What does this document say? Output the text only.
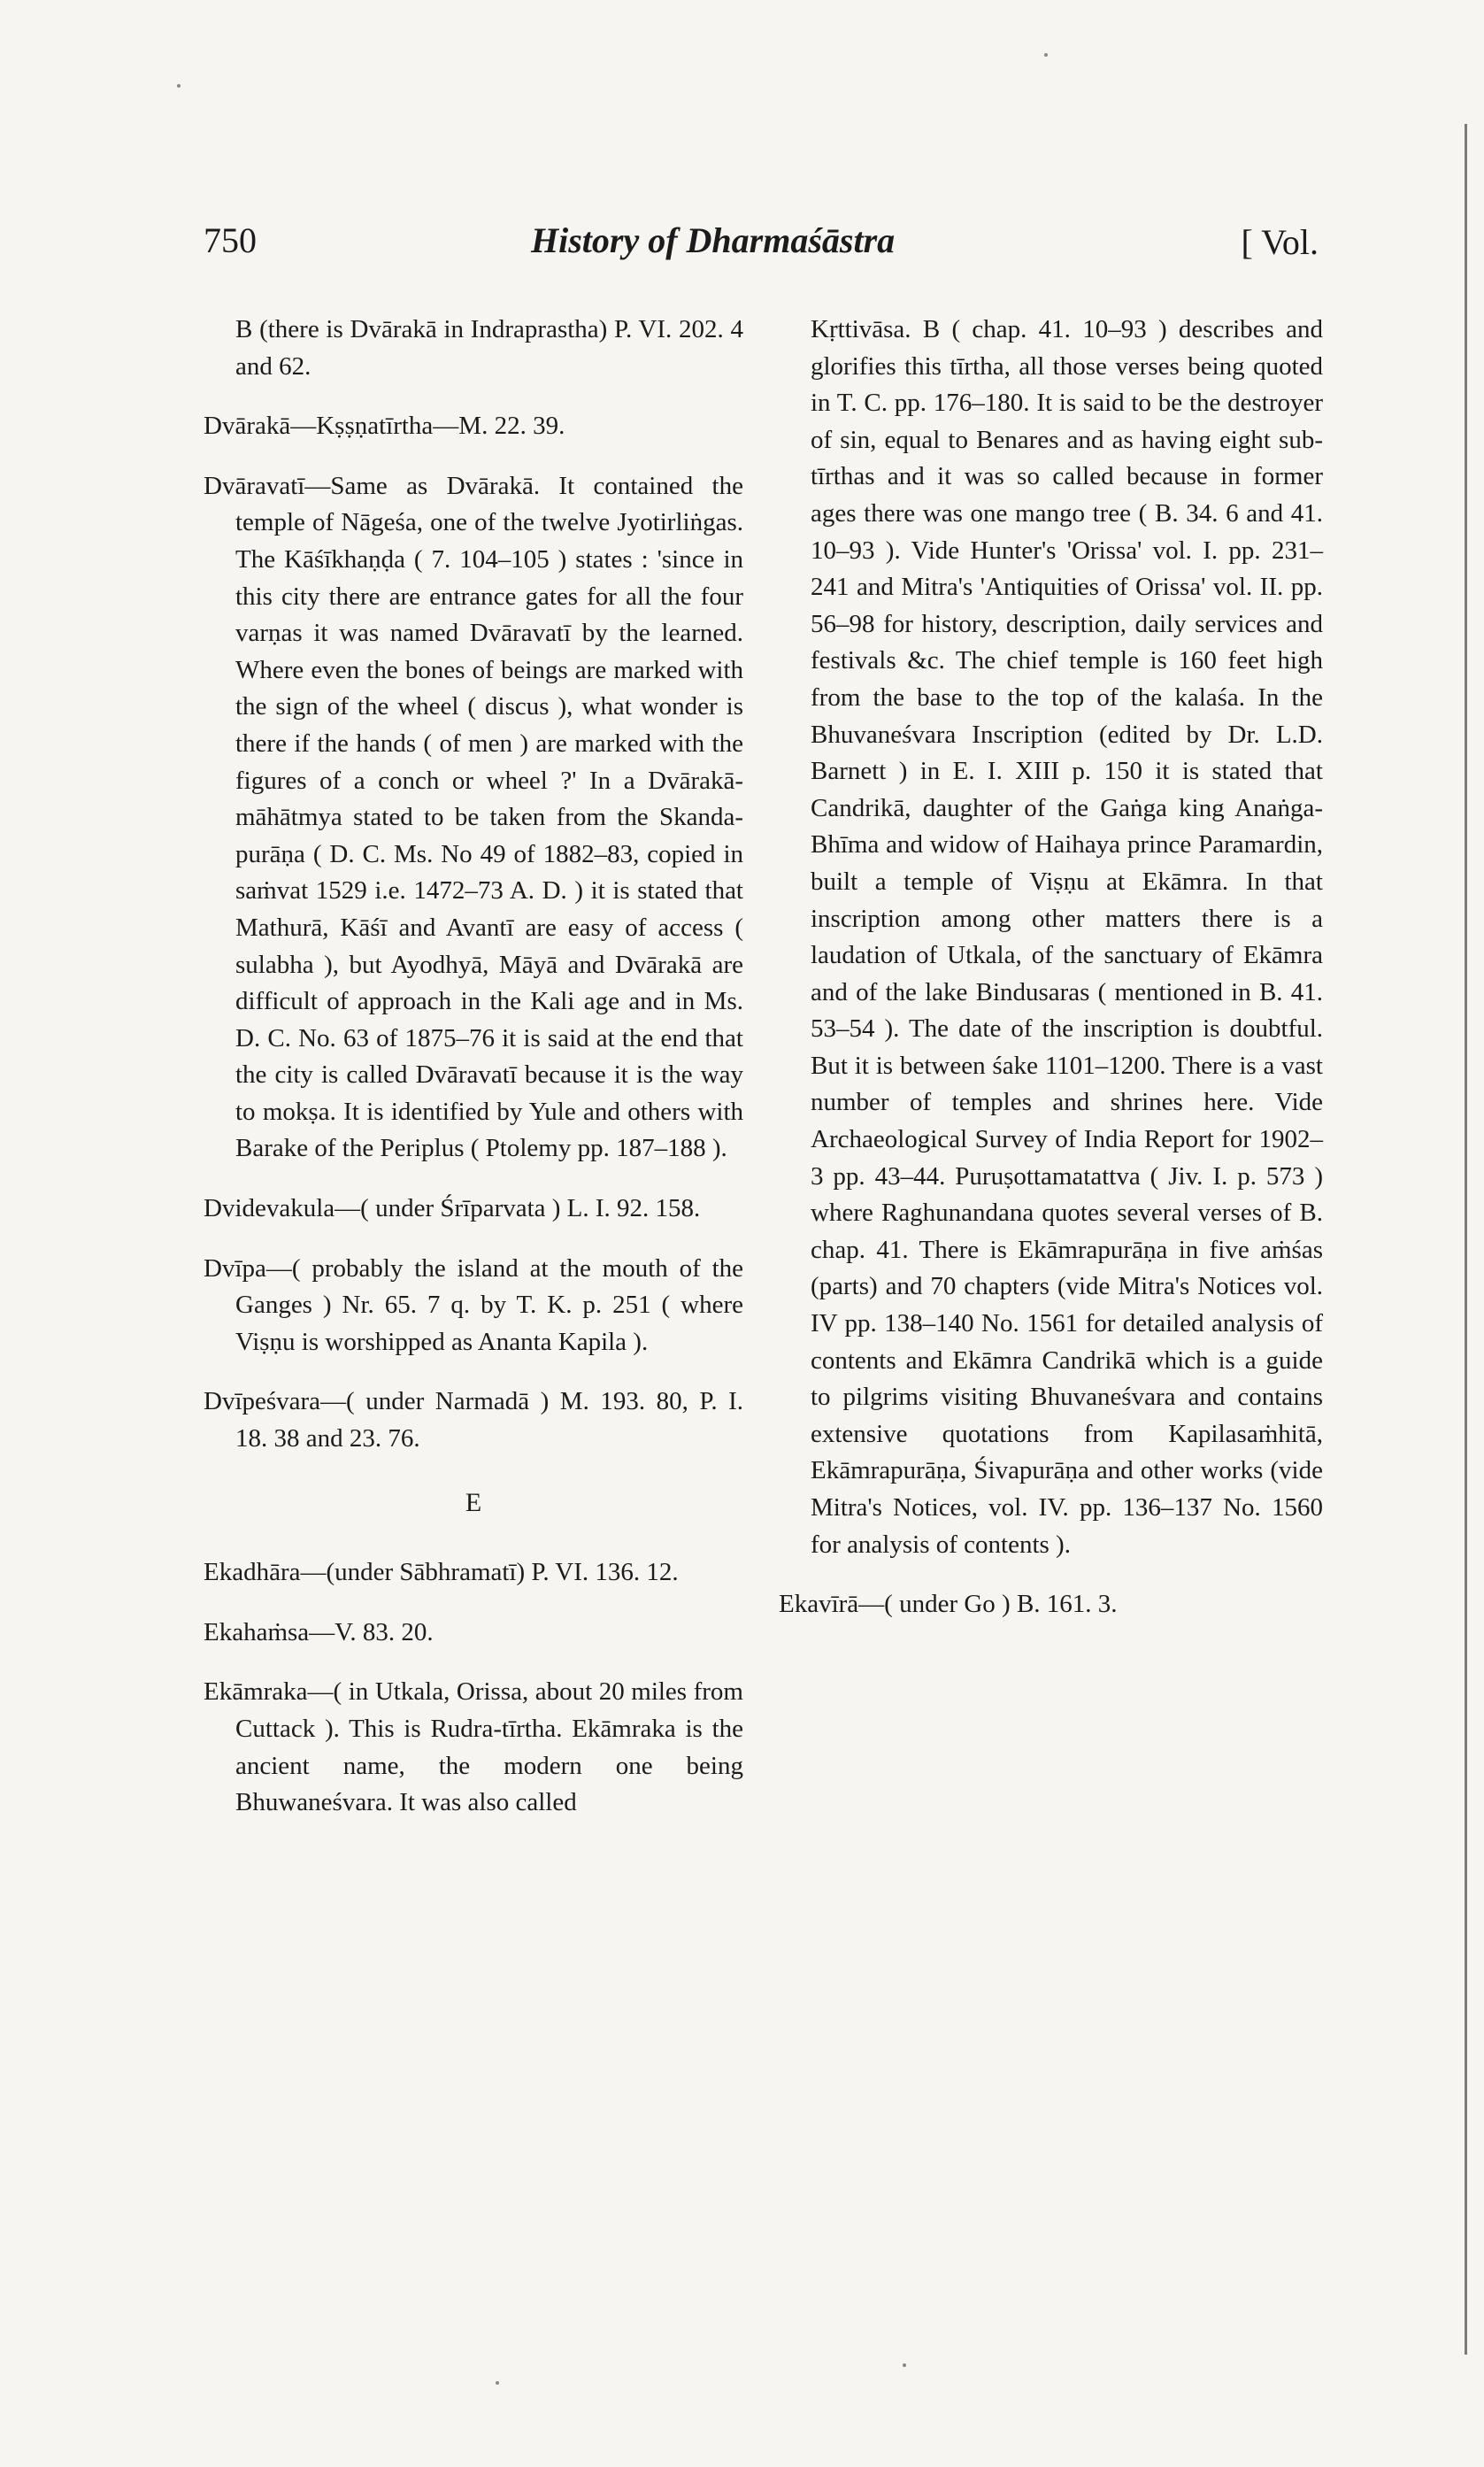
750	History of Dharmaśāstra	[ Vol.

B (there is Dvārakā in Indraprastha) P. VI. 202. 4 and 62.

Dvārakā—Kṣṣṇatīrtha—M. 22. 39.

Dvāravatī—Same as Dvārakā. It contained the temple of Nāgeśa, one of the twelve Jyotirliṅgas. The Kāśīkhaṇḍa ( 7. 104–105 ) states : 'since in this city there are entrance gates for all the four varṇas it was named Dvāravatī by the learned. Where even the bones of beings are marked with the sign of the wheel ( discus ), what wonder is there if the hands ( of men ) are marked with the figures of a conch or wheel ?' In a Dvārakā-māhātmya stated to be taken from the Skanda-purāṇa ( D. C. Ms. No 49 of 1882–83, copied in saṁvat 1529 i.e. 1472–73 A. D. ) it is stated that Mathurā, Kāśī and Avantī are easy of access ( sulabha ), but Ayodhyā, Māyā and Dvārakā are difficult of approach in the Kali age and in Ms. D. C. No. 63 of 1875–76 it is said at the end that the city is called Dvāravatī because it is the way to mokṣa. It is identified by Yule and others with Barake of the Periplus ( Ptolemy pp. 187–188 ).

Dvidevakula—( under Śrīparvata ) L. I. 92. 158.

Dvīpa—( probably the island at the mouth of the Ganges ) Nr. 65. 7 q. by T. K. p. 251 ( where Viṣṇu is worshipped as Ananta Kapila ).

Dvīpeśvara—( under Narmadā ) M. 193. 80, P. I. 18. 38 and 23. 76.

E

Ekadhāra—(under Sābhramatī) P. VI. 136. 12.

Ekahaṁsa—V. 83. 20.

Ekāmraka—( in Utkala, Orissa, about 20 miles from Cuttack ). This is Rudra-tīrtha. Ekāmraka is the ancient name, the modern one being Bhuwaneśvara. It was also called

Kṛttivāsa. B ( chap. 41. 10–93 ) describes and glorifies this tīrtha, all those verses being quoted in T. C. pp. 176–180. It is said to be the destroyer of sin, equal to Benares and as having eight sub-tīrthas and it was so called because in former ages there was one mango tree ( B. 34. 6 and 41. 10–93 ). Vide Hunter's 'Orissa' vol. I. pp. 231–241 and Mitra's 'Antiquities of Orissa' vol. II. pp. 56–98 for history, description, daily services and festivals &c. The chief temple is 160 feet high from the base to the top of the kalaśa. In the Bhuvaneśvara Inscription (edited by Dr. L.D. Barnett ) in E. I. XIII p. 150 it is stated that Candrikā, daughter of the Gaṅga king Anaṅga-Bhīma and widow of Haihaya prince Paramardin, built a temple of Viṣṇu at Ekāmra. In that inscription among other matters there is a laudation of Utkala, of the sanctuary of Ekāmra and of the lake Bindusaras ( mentioned in B. 41. 53–54 ). The date of the inscription is doubtful. But it is between śake 1101–1200. There is a vast number of temples and shrines here. Vide Archaeological Survey of India Report for 1902–3 pp. 43–44. Puruṣottamatattva ( Jiv. I. p. 573 ) where Raghunandana quotes several verses of B. chap. 41. There is Ekāmrapurāṇa in five aṁśas (parts) and 70 chapters (vide Mitra's Notices vol. IV pp. 138–140 No. 1561 for detailed analysis of contents and Ekāmra Candrikā which is a guide to pilgrims visiting Bhuvaneśvara and contains extensive quotations from Kapilasaṁhitā, Ekāmrapurāṇa, Śivapurāṇa and other works (vide Mitra's Notices, vol. IV. pp. 136–137 No. 1560 for analysis of contents ).

Ekavīrā—( under Go ) B. 161. 3.
